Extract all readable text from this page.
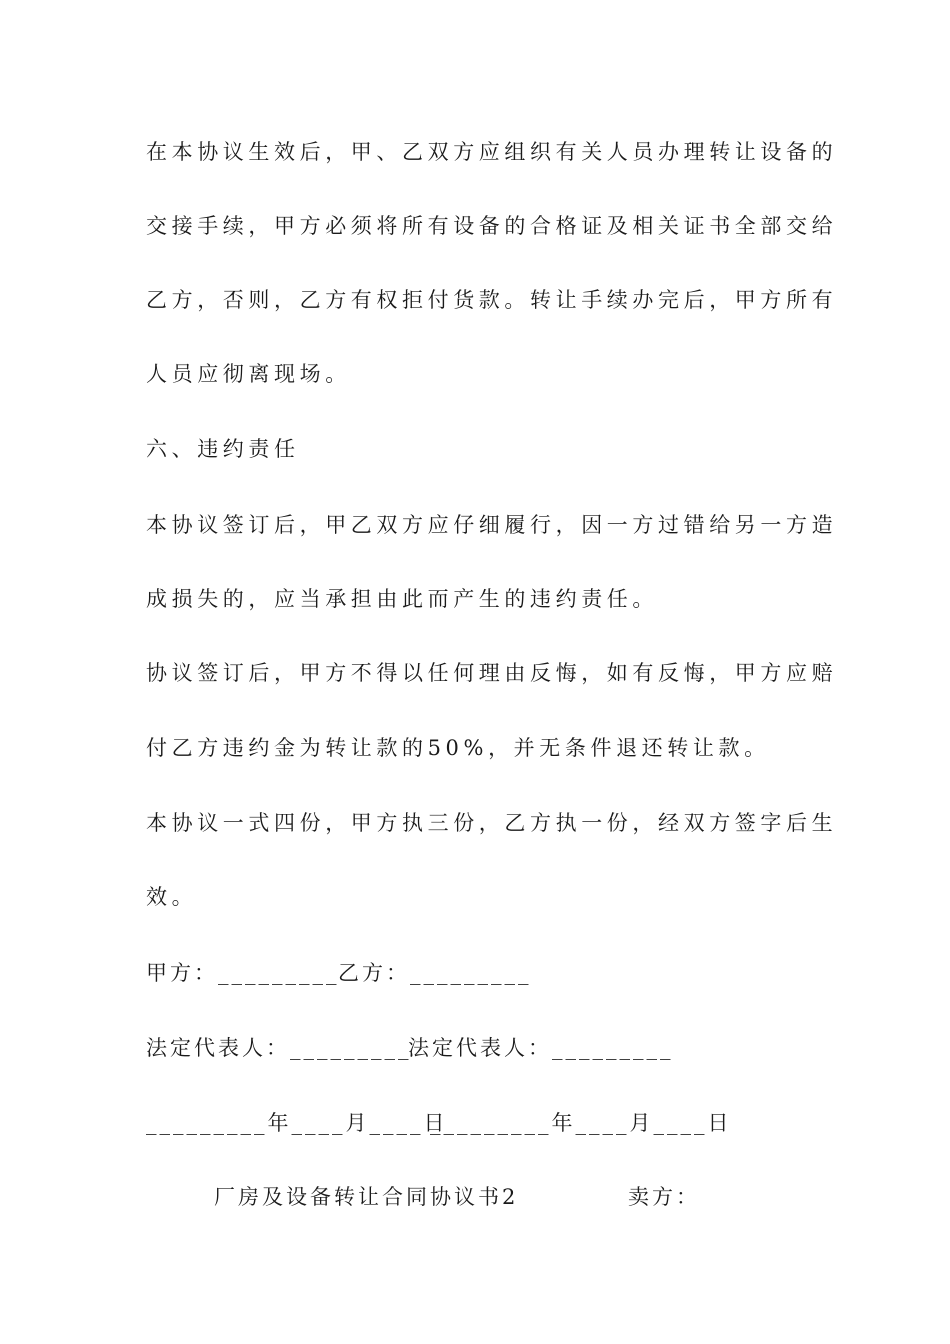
在本协议生效后，甲、乙双方应组织有关人员办理转让设备的
交接手续，甲方必须将所有设备的合格证及相关证书全部交给
乙方，否则，乙方有权拒付货款。转让手续办完后，甲方所有
人员应彻离现场。
六、违约责任
本协议签订后，甲乙双方应仔细履行，因一方过错给另一方造
成损失的，应当承担由此而产生的违约责任。
协议签订后，甲方不得以任何理由反悔，如有反悔，甲方应赔
付乙方违约金为转让款的50%，并无条件退还转让款。
本协议一式四份，甲方执三份，乙方执一份，经双方签字后生
效。
甲方：_________
乙方：_________
法定代表人：_________
法定代表人：_________
_________年____月____日
_________年____月____日
厂房及设备转让合同协议书2	卖方：
